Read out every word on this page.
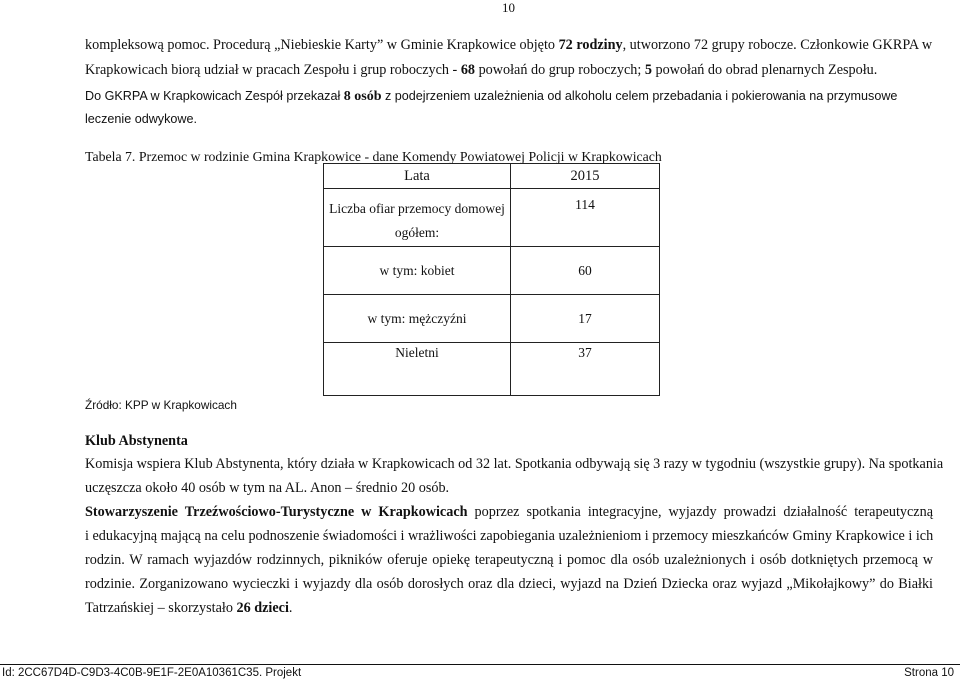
10
kompleksową pomoc. Procedurą „Niebieskie Karty” w Gminie Krapkowice objęto 72 rodziny, utworzono 72 grupy robocze. Członkowie GKRPA w
Krapkowicach biorą udział w pracach Zespołu i grup roboczych - 68 powołań do grup roboczych; 5 powołań do obrad plenarnych Zespołu.
Do GKRPA w Krapkowicach Zespół przekazał 8 osób z podejrzeniem uzależnienia od alkoholu celem przebadania i pokierowania na przymusowe
leczenie odwykowe.
Tabela 7. Przemoc w rodzinie Gmina Krapkowice - dane Komendy Powiatowej Policji w Krapkowicach
Lata	2015
Liczba ofiar przemocy domowej
ogółem:	114
w tym: kobiet	60
w tym: mężczyźni	17
Nieletni	37
Źródło: KPP w Krapkowicach
Klub Abstynenta
Komisja wspiera Klub Abstynenta, który działa w Krapkowicach od 32 lat. Spotkania odbywają się 3 razy w tygodniu (wszystkie grupy). Na spotkania
uczęszcza około 40 osób w tym na AL. Anon – średnio 20 osób.
Stowarzyszenie Trzeźwościowo-Turystyczne w Krapkowicach poprzez spotkania integracyjne, wyjazdy prowadzi działalność terapeutyczną
i edukacyjną mającą na celu podnoszenie świadomości i wrażliwości zapobiegania uzależnieniom i przemocy mieszkańców Gminy Krapkowice i ich
rodzin. W ramach wyjazdów rodzinnych, pikników oferuje opiekę terapeutyczną i pomoc dla osób uzależnionych i osób dotkniętych przemocą w
rodzinie. Zorganizowano wycieczki i wyjazdy dla osób dorosłych oraz dla dzieci, wyjazd na Dzień Dziecka oraz wyjazd „Mikołajkowy” do Białki
Tatrzańskiej – skorzystało 26 dzieci.
Id: 2CC67D4D-C9D3-4C0B-9E1F-2E0A10361C35. Projekt	Strona 10
